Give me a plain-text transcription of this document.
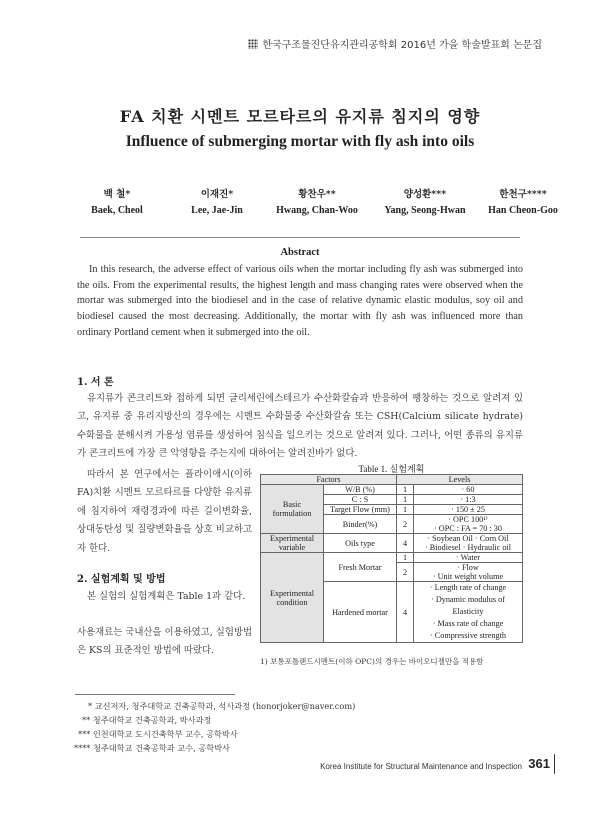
한국구조물진단유지관리공학회 2016년 가을 학술발표회 논문집
FA 치환 시멘트 모르타르의 유지류 침지의 영향
Influence of submerging mortar with fly ash into oils
백 철*
Baek, Cheol
이재진*
Lee, Jae-Jin
황찬우**
Hwang, Chan-Woo
양성환***
Yang, Seong-Hwan
한천구****
Han Cheon-Goo
Abstract
In this research, the adverse effect of various oils when the mortar including fly ash was submerged into the oils. From the experimental results, the highest length and mass changing rates were observed when the mortar was submerged into the biodiesel and in the case of relative dynamic elastic modulus, soy oil and biodiesel caused the most decreasing. Additionally, the mortar with fly ash was influenced more than ordinary Portland cement when it submerged into the oil.
1. 서 론
유지류가 콘크리트와 접하게 되면 글리세린에스테르가 수산화칼슘과 반응하여 팽창하는 것으로 알려져 있고, 유지류 중 유리지방산의 경우에는 시멘트 수화물중 수산화칼슘 또는 CSH(Calcium silicate hydrate) 수화물을 분해시켜 가용성 염류를 생성하여 침식을 일으키는 것으로 알려져 있다. 그러나, 어떤 종류의 유지류가 콘크리트에 가장 큰 악영향을 주는지에 대하여는 알려진바가 없다.
따라서 본 연구에서는 플라이애시(이하 FA)치환 시멘트 모르타르를 다양한 유지류에 침지하여 재령경과에 따른 길이변화율, 상대동탄성 및 질량변화율을 상호 비교하고자 한다.
2. 실험계획 및 방법
본 실험의 실험계획은 Table 1과 같다.
사용재료는 국내산을 이용하였고, 실험방법은 KS의 표준적인 방법에 따랐다.
Table 1. 실험계획
Factors		Levels	
Basic formulation	W/B (%)	1	· 60
	C : S	1	· 1:3
	Target Flow (mm)	1	· 150 ± 25
	Binder(%)	2	· OPC 100¹⁾
· OPC : FA = 70 : 30

Experimental variable	Oils type	4	· Soybean Oil · Corn Oil
· Biodiesel · Hydraulic oil

Experimental condition	Fresh Mortar	1	· Water
		2	· Flow
· Unit weight volume

	Hardened mortar	4	· Length rate of change
· Dynamic modulus of Elasticity
· Mass rate of change
· Compressive strength
1) 보통포틀랜드시멘트(이하 OPC)의 경우는 바이오디젤만을 적용함
* 교신저자, 청주대학교 건축공학과, 석사과정 (honorjoker@naver.com)
** 청주대학교 건축공학과, 박사과정
*** 인천대학교 도시건축학부 교수, 공학박사
**** 청주대학교 건축공학과 교수, 공학박사
Korea Institute for Structural Maintenance and Inspection 361
